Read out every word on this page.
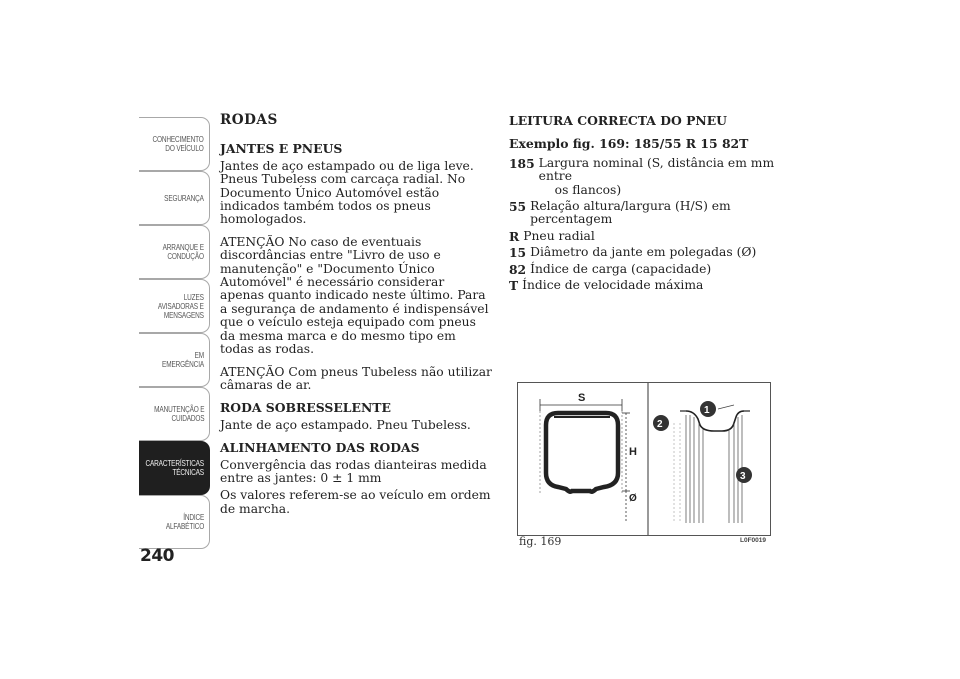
CONHECIMENTO
DO VEÍCULO
SEGURANÇA
ARRANQUE E
CONDUÇÃO
LUZES
AVISADORAS E
MENSAGENS
EM EMERGÊNCIA
MANUTENÇÃO E
CUIDADOS
CARACTERÍSTICAS
TÉCNICAS
ÍNDICE
ALFABÉTICO
240
RODAS
JANTES E PNEUS

Jantes de aço estampado ou de liga leve. Pneus Tubeless com carcaça radial. No Documento Único Automóvel estão indicados também todos os pneus homologados.

ATENÇÃO No caso de eventuais discordâncias entre "Livro de uso e manutenção" e "Documento Único Automóvel" é necessário considerar apenas quanto indicado neste último. Para a segurança de andamento é indispensável que o veículo esteja equipado com pneus da mesma marca e do mesmo tipo em todas as rodas.

ATENÇÃO Com pneus Tubeless não utilizar câmaras de ar.

RODA SOBRESSELENTE

Jante de aço estampado. Pneu Tubeless.

ALINHAMENTO DAS RODAS

Convergência das rodas dianteiras medida entre as jantes: 0 ± 1 mm

Os valores referem-se ao veículo em ordem de marcha.

LEITURA CORRECTA DO PNEU
Exemplo fig. 169: 185/55 R 15 82T
185 Largura nominal (S, distância em mm entre
os flancos)
55 Relação altura/largura (H/S) em percentagem
R Pneu radial
15 Diâmetro da jante em polegadas (Ø)
82 Índice de carga (capacidade)
T Índice de velocidade máxima
S
H
Ø
1
2
3
fig. 169	L0F0019
